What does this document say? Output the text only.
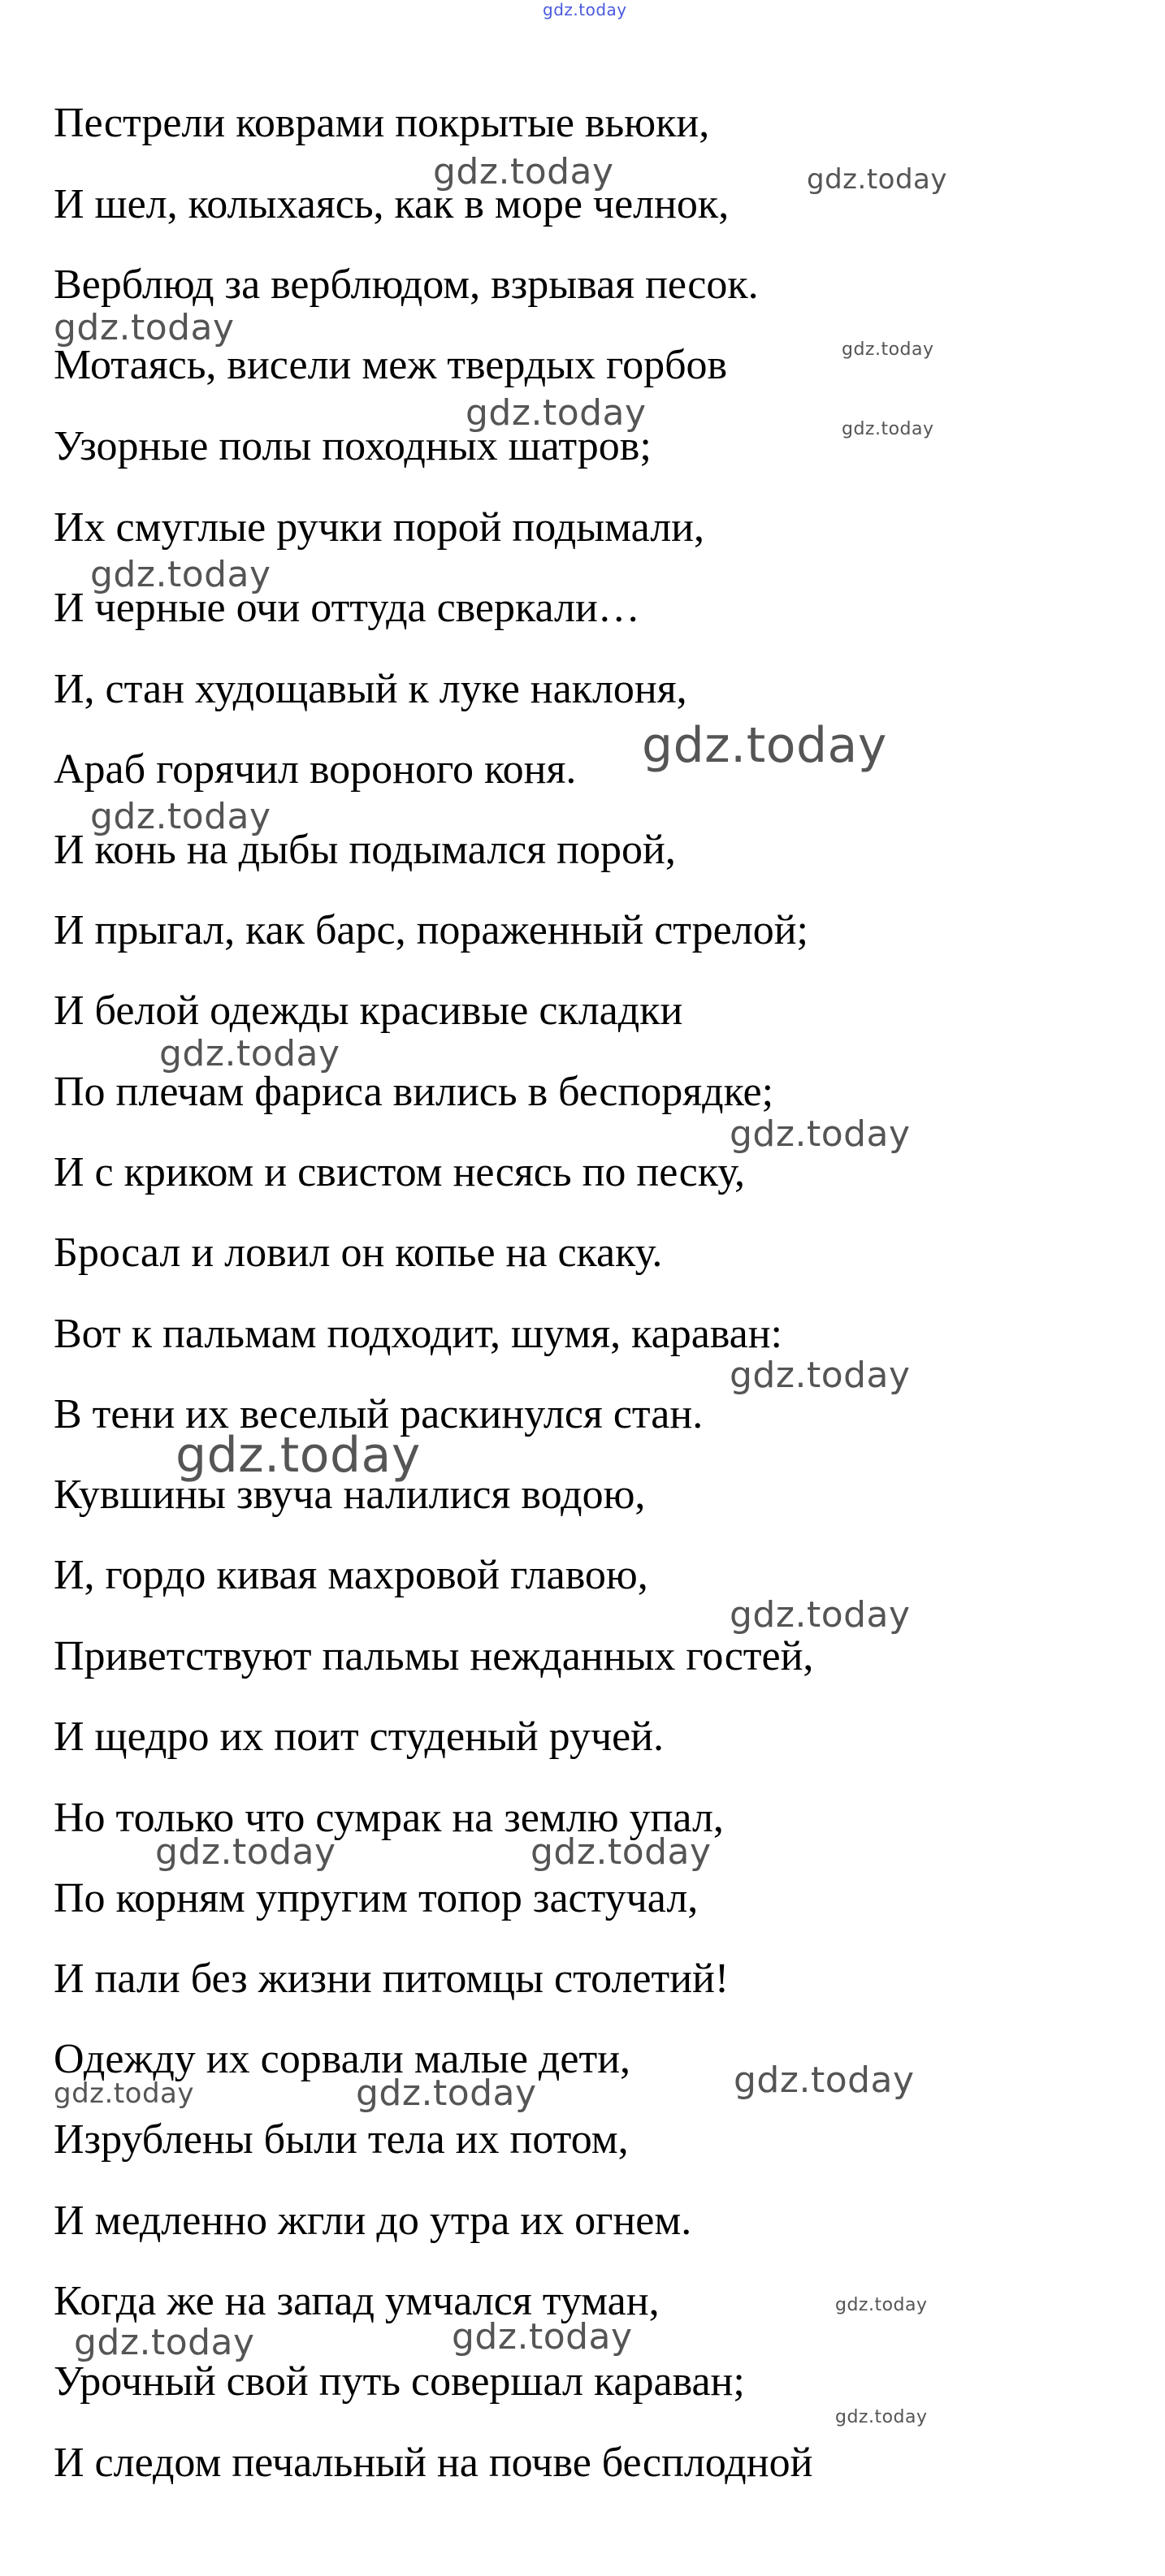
Пестрели коврами покрытые вьюки,
И шел, колыхаясь, как в море челнок,
Верблюд за верблюдом, взрывая песок.
Мотаясь, висели меж твердых горбов
Узорные полы походных шатров;
Их смуглые ручки порой подымали,
И черные очи оттуда сверкали…
И, стан худощавый к луке наклоня,
Араб горячил вороного коня.
И конь на дыбы подымался порой,
И прыгал, как барс, пораженный стрелой;
И белой одежды красивые складки
По плечам фариса вились в беспорядке;
И с криком и свистом несясь по песку,
Бросал и ловил он копье на скаку.
Вот к пальмам подходит, шумя, караван:
В тени их веселый раскинулся стан.
Кувшины звуча налилися водою,
И, гордо кивая махровой главою,
Приветствуют пальмы нежданных гостей,
И щедро их поит студеный ручей.
Но только что сумрак на землю упал,
По корням упругим топор застучал,
И пали без жизни питомцы столетий!
Одежду их сорвали малые дети,
Изрублены были тела их потом,
И медленно жгли до утра их огнем.
Когда же на запад умчался туман,
Урочный свой путь совершал караван;
И следом печальный на почве бесплодной
gdz.today
gdz.today	gdz.today
gdz.today
gdz.today
gdz.today	gdz.today
gdz.today
gdz.today
gdz.today
gdz.today
gdz.today
gdz.today
gdz.today
gdz.today
gdz.today	gdz.today
gdz.today
gdz.today	gdz.today
gdz.today
gdz.today	gdz.today
gdz.today
